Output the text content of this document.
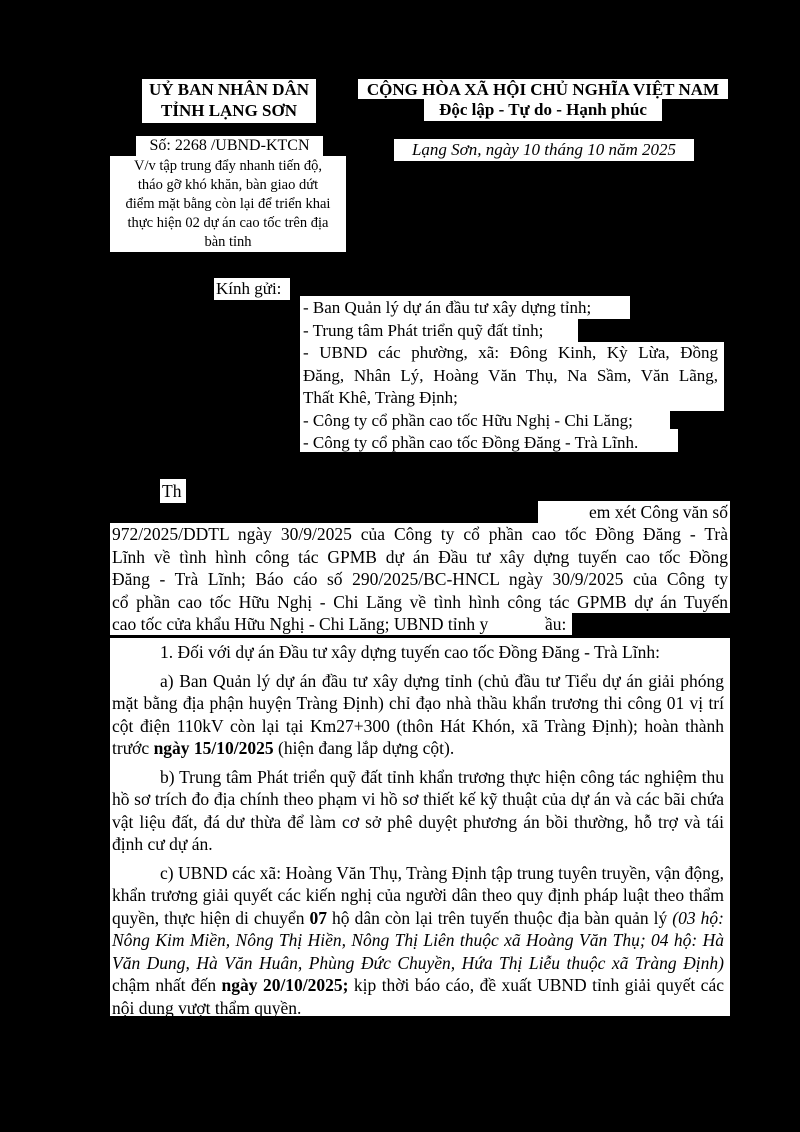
UỶ BAN NHÂN DÂN
TỈNH LẠNG SƠN
Số: 2268 /UBND-KTCN
V/v tập trung đẩy nhanh tiến độ,
tháo gỡ khó khăn, bàn giao dứt
điểm mặt bằng còn lại để triển khai
thực hiện 02 dự án cao tốc trên địa
bàn tỉnh
CỘNG HÒA XÃ HỘI CHỦ NGHĨA VIỆT NAM
Độc lập - Tự do - Hạnh phúc
Lạng Sơn, ngày 10 tháng 10 năm 2025
Kính gửi:
- Ban Quản lý dự án đầu tư xây dựng tỉnh;
- Trung tâm Phát triển quỹ đất tỉnh;
- UBND các phường, xã: Đông Kinh, Kỳ Lừa, Đồng
Đăng, Nhân Lý, Hoàng Văn Thụ, Na Sầm, Văn Lãng,
Thất Khê, Tràng Định;
- Công ty cổ phần cao tốc Hữu Nghị - Chi Lăng;
- Công ty cổ phần cao tốc Đồng Đăng - Trà Lĩnh.
Th
em xét Công văn số
972/2025/DDTL ngày 30/9/2025 của Công ty cổ phần cao tốc Đồng Đăng - Trà
Lĩnh về tình hình công tác GPMB dự án Đầu tư xây dựng tuyến cao tốc Đồng
Đăng - Trà Lĩnh; Báo cáo số 290/2025/BC-HNCL ngày 30/9/2025 của Công ty
cổ phần cao tốc Hữu Nghị - Chi Lăng về tình hình công tác GPMB dự án Tuyến
cao tốc cửa khẩu Hữu Nghị - Chi Lăng; UBND tỉnh y	ầu:
1. Đối với dự án Đầu tư xây dựng tuyến cao tốc Đồng Đăng - Trà Lĩnh:
a) Ban Quản lý dự án đầu tư xây dựng tỉnh (chủ đầu tư Tiểu dự án giải phóng mặt bằng địa phận huyện Tràng Định) chỉ đạo nhà thầu khẩn trương thi công 01 vị trí cột điện 110kV còn lại tại Km27+300 (thôn Hát Khón, xã Tràng Định); hoàn thành trước ngày 15/10/2025 (hiện đang lắp dựng cột).
b) Trung tâm Phát triển quỹ đất tỉnh khẩn trương thực hiện công tác nghiệm thu hồ sơ trích đo địa chính theo phạm vi hồ sơ thiết kế kỹ thuật của dự án và các bãi chứa vật liệu đất, đá dư thừa để làm cơ sở phê duyệt phương án bồi thường, hỗ trợ và tái định cư dự án.
c) UBND các xã: Hoàng Văn Thụ, Tràng Định tập trung tuyên truyền, vận động, khẩn trương giải quyết các kiến nghị của người dân theo quy định pháp luật theo thẩm quyền, thực hiện di chuyển 07 hộ dân còn lại trên tuyến thuộc địa bàn quản lý (03 hộ: Nông Kim Miền, Nông Thị Hiền, Nông Thị Liên thuộc xã Hoàng Văn Thụ; 04 hộ: Hà Văn Dung, Hà Văn Huân, Phùng Đức Chuyền, Hứa Thị Liễu thuộc xã Tràng Định) chậm nhất đến ngày 20/10/2025; kịp thời báo cáo, đề xuất UBND tỉnh giải quyết các nội dung vượt thẩm quyền.
